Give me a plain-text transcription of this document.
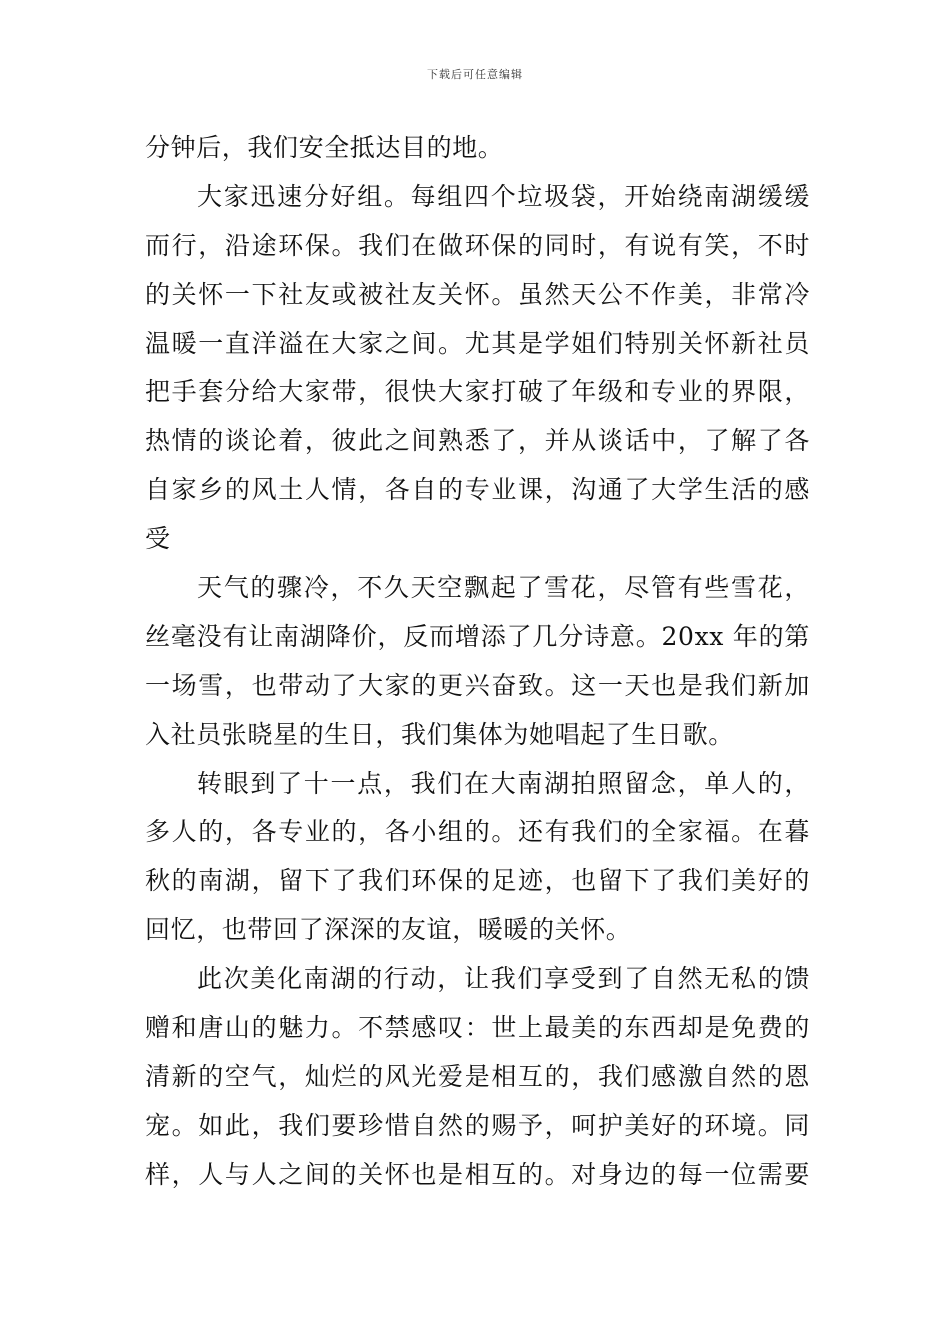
下载后可任意编辑
分钟后，我们安全抵达目的地。
大家迅速分好组。每组四个垃圾袋，开始绕南湖缓缓
而行，沿途环保。我们在做环保的同时，有说有笑，不时
的关怀一下社友或被社友关怀。虽然天公不作美，非常冷
温暖一直洋溢在大家之间。尤其是学姐们特别关怀新社员
把手套分给大家带，很快大家打破了年级和专业的界限，
热情的谈论着，彼此之间熟悉了，并从谈话中，了解了各
自家乡的风土人情，各自的专业课，沟通了大学生活的感
受
天气的骤冷，不久天空飘起了雪花，尽管有些雪花，
丝毫没有让南湖降价，反而增添了几分诗意。20xx 年的第
一场雪，也带动了大家的更兴奋致。这一天也是我们新加
入社员张晓星的生日，我们集体为她唱起了生日歌。
转眼到了十一点，我们在大南湖拍照留念，单人的，
多人的，各专业的，各小组的。还有我们的全家福。在暮
秋的南湖，留下了我们环保的足迹，也留下了我们美好的
回忆，也带回了深深的友谊，暖暖的关怀。
此次美化南湖的行动，让我们享受到了自然无私的馈
赠和唐山的魅力。不禁感叹：世上最美的东西却是免费的
清新的空气，灿烂的风光爱是相互的，我们感激自然的恩
宠。如此，我们要珍惜自然的赐予，呵护美好的环境。同
样，人与人之间的关怀也是相互的。对身边的每一位需要
